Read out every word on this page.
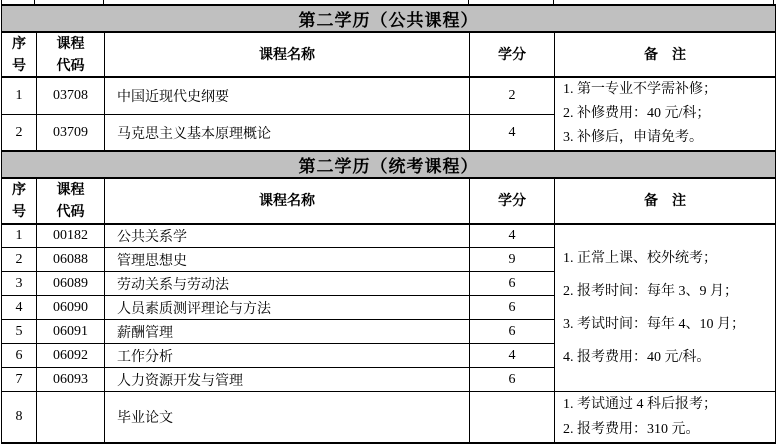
第二学历（公共课程）				
序号	课程代码	课程名称	学分	备　注
1	03708	中国近现代史纲要	2	1. 第一专业不学需补修；
2. 补修费用：40 元/科；
3. 补修后，申请免考。

2	03709	马克思主义基本原理概论	4	
第二学历（统考课程）				
序号	课程代码	课程名称	学分	备　注
1	00182	公共关系学	4	1. 正常上课、校外统考；
2. 报考时间：每年 3、9 月；
3. 考试时间：每年 4、10 月；
4. 报考费用：40 元/科。

2	06088	管理思想史	9	
3	06089	劳动关系与劳动法	6	
4	06090	人员素质测评理论与方法	6	
5	06091	薪酬管理	6	
6	06092	工作分析	4	
7	06093	人力资源开发与管理	6	
8		毕业论文		1. 考试通过 4 科后报考；
2. 报考费用：310 元。
